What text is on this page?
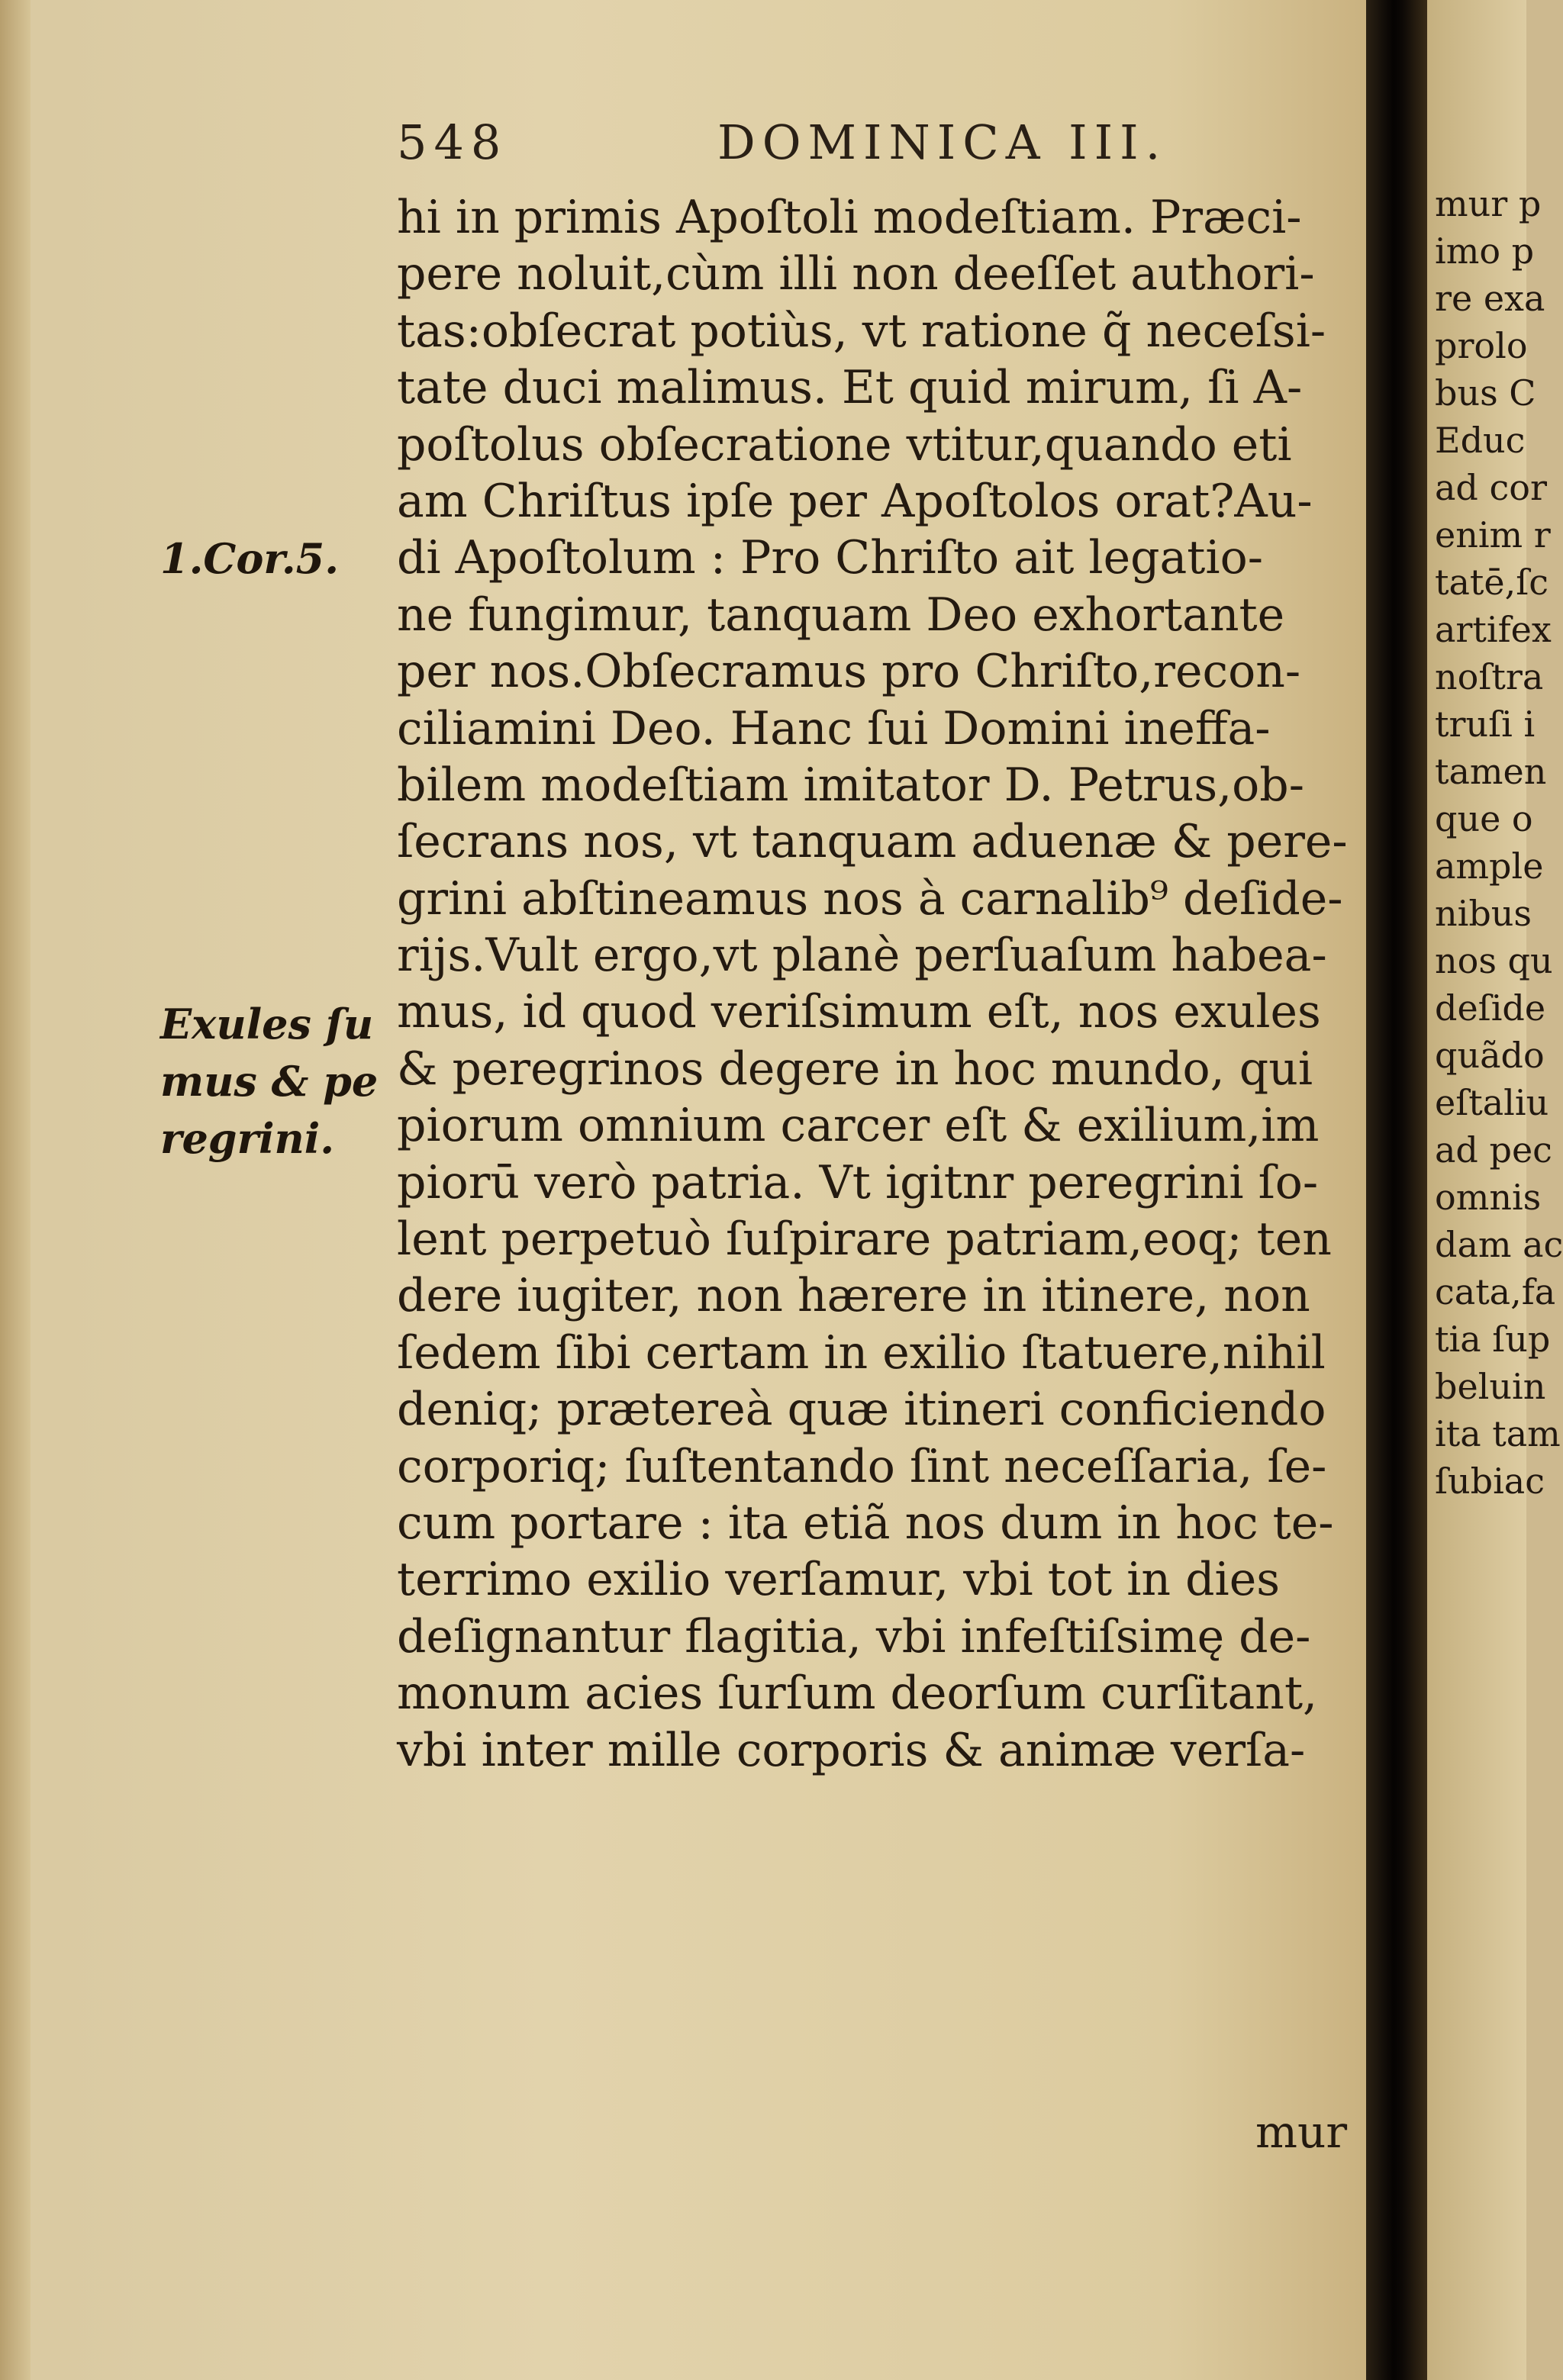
548	DOMINICA III.
1.Cor.5.
Exules ſu
mus & pe
regrini.
hi in primis Apoſtoli modeſtiam. Præci-
pere noluit,cùm illi non deeſſet authori-
tas:obſecrat potiùs, vt ratione q̃ neceſsi-
tate duci malimus. Et quid mirum, ſi A-
poſtolus obſecratione vtitur,quando eti
am Chriſtus ipſe per Apoſtolos orat?Au-
di Apoſtolum : Pro Chriſto ait legatio-
ne fungimur, tanquam Deo exhortante
per nos.Obſecramus pro Chriſto,recon-
ciliamini Deo. Hanc ſui Domini ineffa-
bilem modeſtiam imitator D. Petrus,ob-
ſecrans nos, vt tanquam aduenæ & pere-
grini abſtineamus nos à carnalib⁹ deſide-
rijs.Vult ergo,vt planè perſuaſum habea-
mus, id quod veriſsimum eſt, nos exules
& peregrinos degere in hoc mundo, qui
piorum omnium carcer eſt & exilium,im
piorū verò patria. Vt igitnr peregrini ſo-
lent perpetuò ſuſpirare patriam,eoq; ten
dere iugiter, non hærere in itinere, non
ſedem ſibi certam in exilio ſtatuere,nihil
deniq; prætereà quæ itineri conficiendo
corporiq; ſuſtentando ſint neceſſaria, ſe-
cum portare : ita etiã nos dum in hoc te-
terrimo exilio verſamur, vbi tot in dies
deſignantur flagitia, vbi infeſtiſsimę de-
monum acies ſurſum deorſum curſitant,
vbi inter mille corporis & animæ verſa-
mur
mur p
imo p
re exa
prolo
bus C
Educ
ad cor
enim r
tatē,ſc
artifex
noſtra
truſi i
tamen
que o
ample
nibus
nos qu
deſide
quãdo
eſtaliu
ad pec
omnis
dam ac
cata,fa
tia ſup
beluin
ita tam
ſubiac
